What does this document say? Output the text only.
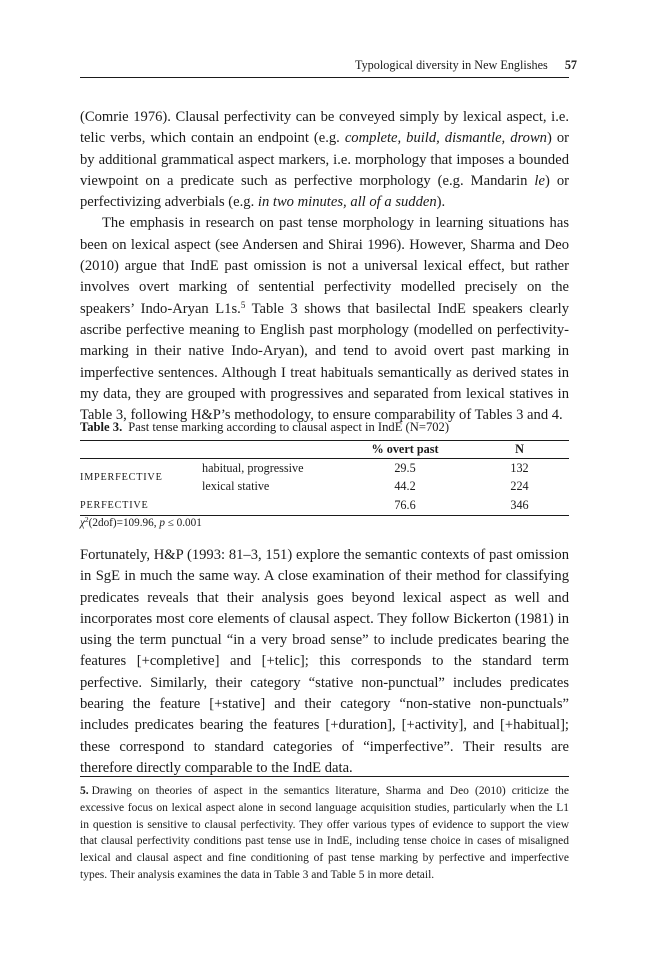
Typological diversity in New Englishes 57

(Comrie 1976). Clausal perfectivity can be conveyed simply by lexical aspect, i.e. telic verbs, which contain an endpoint (e.g. complete, build, dismantle, drown) or by additional grammatical aspect markers, i.e. morphology that imposes a bounded viewpoint on a predicate such as perfective morphology (e.g. Mandarin le) or perfectivizing adverbials (e.g. in two minutes, all of a sudden).

The emphasis in research on past tense morphology in learning situations has been on lexical aspect (see Andersen and Shirai 1996). However, Sharma and Deo (2010) argue that IndE past omission is not a universal lexical effect, but rather involves overt marking of sentential perfectivity modelled precisely on the speakers’ Indo-Aryan L1s.$^5$ Table 3 shows that basilectal IndE speakers clearly ascribe perfective meaning to English past morphology (modelled on perfectivity-marking in their native Indo-Aryan), and tend to avoid overt past marking in imperfective sentences. Although I treat habituals semantically as derived states in my data, they are grouped with progressives and separated from lexical statives in Table 3, following H&P’s methodology, to ensure comparability of Tables 3 and 4.

Table 3. Past tense marking according to clausal aspect in IndE (N=702)
		% overt past	N
IMPERFECTIVE	habitual, progressive	29.5	132
	lexical stative	44.2	224
PERFECTIVE		76.6	346
$\chi^2(2dof)=109.96$, p ≤ 0.001

Fortunately, H&P (1993: 81–3, 151) explore the semantic contexts of past omission in SgE in much the same way. A close examination of their method for classifying predicates reveals that their analysis goes beyond lexical aspect as well and incorporates most core elements of clausal aspect. They follow Bickerton (1981) in using the term punctual “in a very broad sense” to include predicates bearing the features [+completive] and [+telic]; this corresponds to the standard term perfective. Similarly, their category “stative non-punctual” includes predicates bearing the feature [+stative] and their category “non-stative non-punctuals” includes predicates bearing the features [+duration], [+activity], and [+habitual]; these correspond to standard categories of “imperfective”. Their results are therefore directly comparable to the IndE data.

5. Drawing on theories of aspect in the semantics literature, Sharma and Deo (2010) criticize the excessive focus on lexical aspect alone in second language acquisition studies, particularly when the L1 in question is sensitive to clausal perfectivity. They offer various types of evidence to support the view that clausal perfectivity conditions past tense use in IndE, including tense choice in cases of misaligned lexical and clausal aspect and fine conditioning of past tense marking by perfective and imperfective types. Their analysis examines the data in Table 3 and Table 5 in more detail.
